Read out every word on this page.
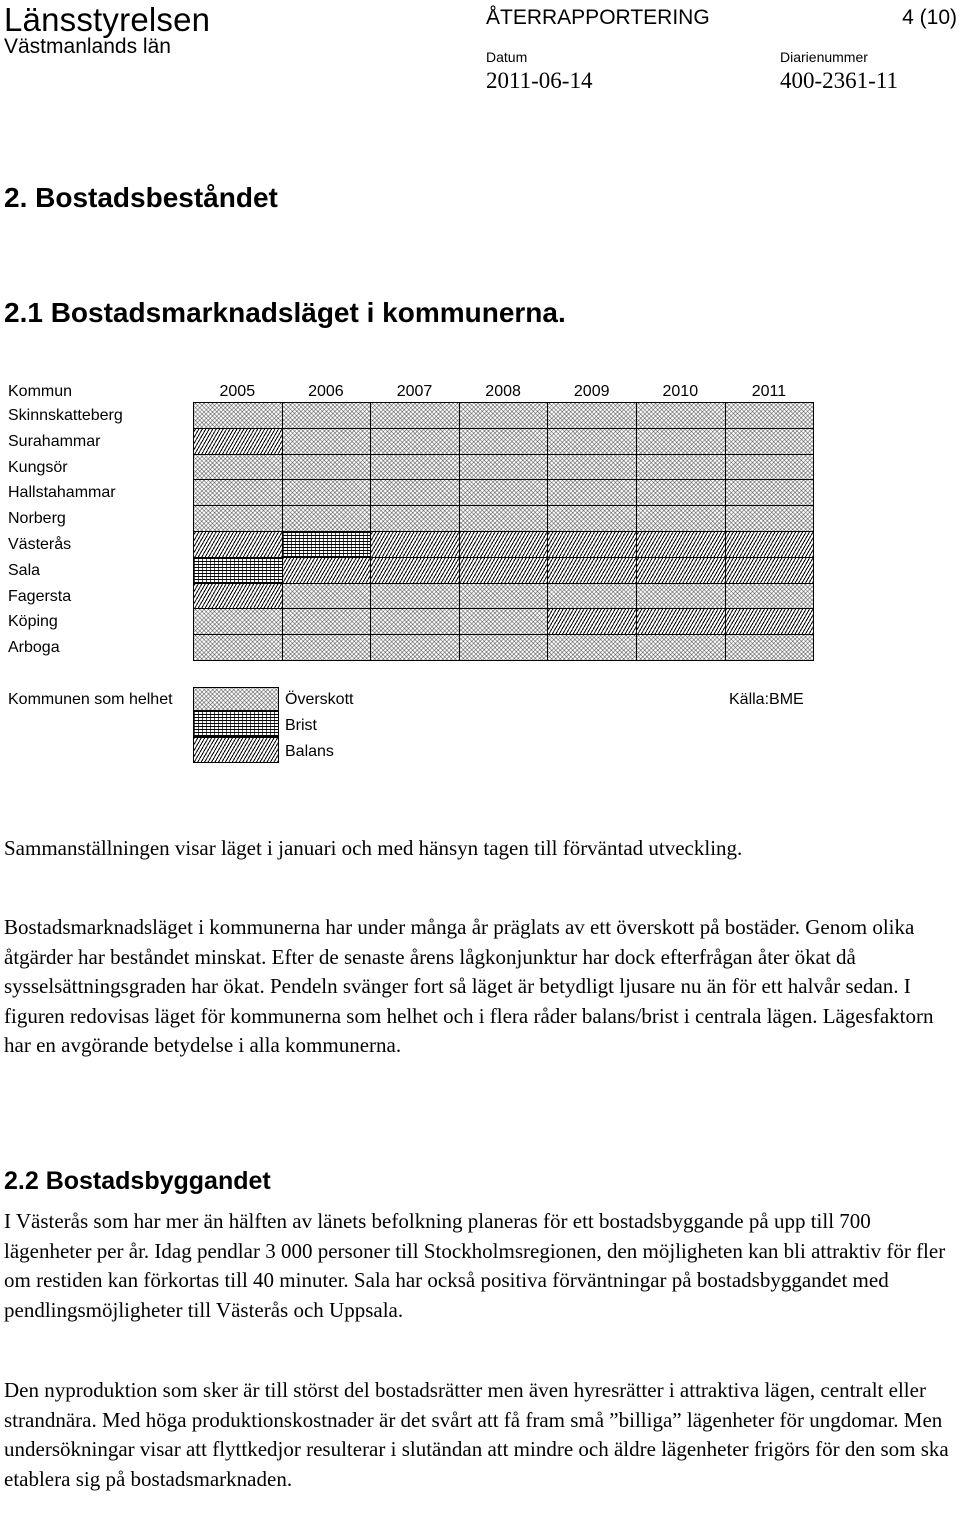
Länsstyrelsen
Västmanlands län
ÅTERRAPPORTERING	4 (10)
Datum
2011-06-14
Diarienummer
400-2361-11
2. Bostadsbeståndet
2.1 Bostadsmarknadsläget i kommunerna.
Kommun	2005	2006	2007	2008	2009	2010	2011
Skinnskatteberg
Surahammar
Kungsör
Hallstahammar
Norberg
Västerås
Sala
Fagersta
Köping
Arboga
Kommunen som helhet	Överskott
Brist
Balans
Källa:BME

Sammanställningen visar läget i januari och med hänsyn tagen till förväntad utveckling.

Bostadsmarknadsläget i kommunerna har under många år präglats av ett överskott på bostäder. Genom olika åtgärder har beståndet minskat. Efter de senaste årens lågkonjunktur har dock efterfrågan åter ökat då sysselsättningsgraden har ökat. Pendeln svänger fort så läget är betydligt ljusare nu än för ett halvår sedan. I figuren redovisas läget för kommunerna som helhet och i flera råder balans/brist i centrala lägen. Lägesfaktorn har en avgörande betydelse i alla kommunerna.

2.2 Bostadsbyggandet

I Västerås som har mer än hälften av länets befolkning planeras för ett bostadsbyggande på upp till 700 lägenheter per år. Idag pendlar 3 000 personer till Stockholmsregionen, den möjligheten kan bli attraktiv för fler om restiden kan förkortas till 40 minuter. Sala har också positiva förväntningar på bostadsbyggandet med pendlingsmöjligheter till Västerås och Uppsala.

Den nyproduktion som sker är till störst del bostadsrätter men även hyresrätter i attraktiva lägen, centralt eller strandnära. Med höga produktionskostnader är det svårt att få fram små ”billiga” lägenheter för ungdomar. Men undersökningar visar att flyttkedjor resulterar i slutändan att mindre och äldre lägenheter frigörs för den som ska etablera sig på bostadsmarknaden.
